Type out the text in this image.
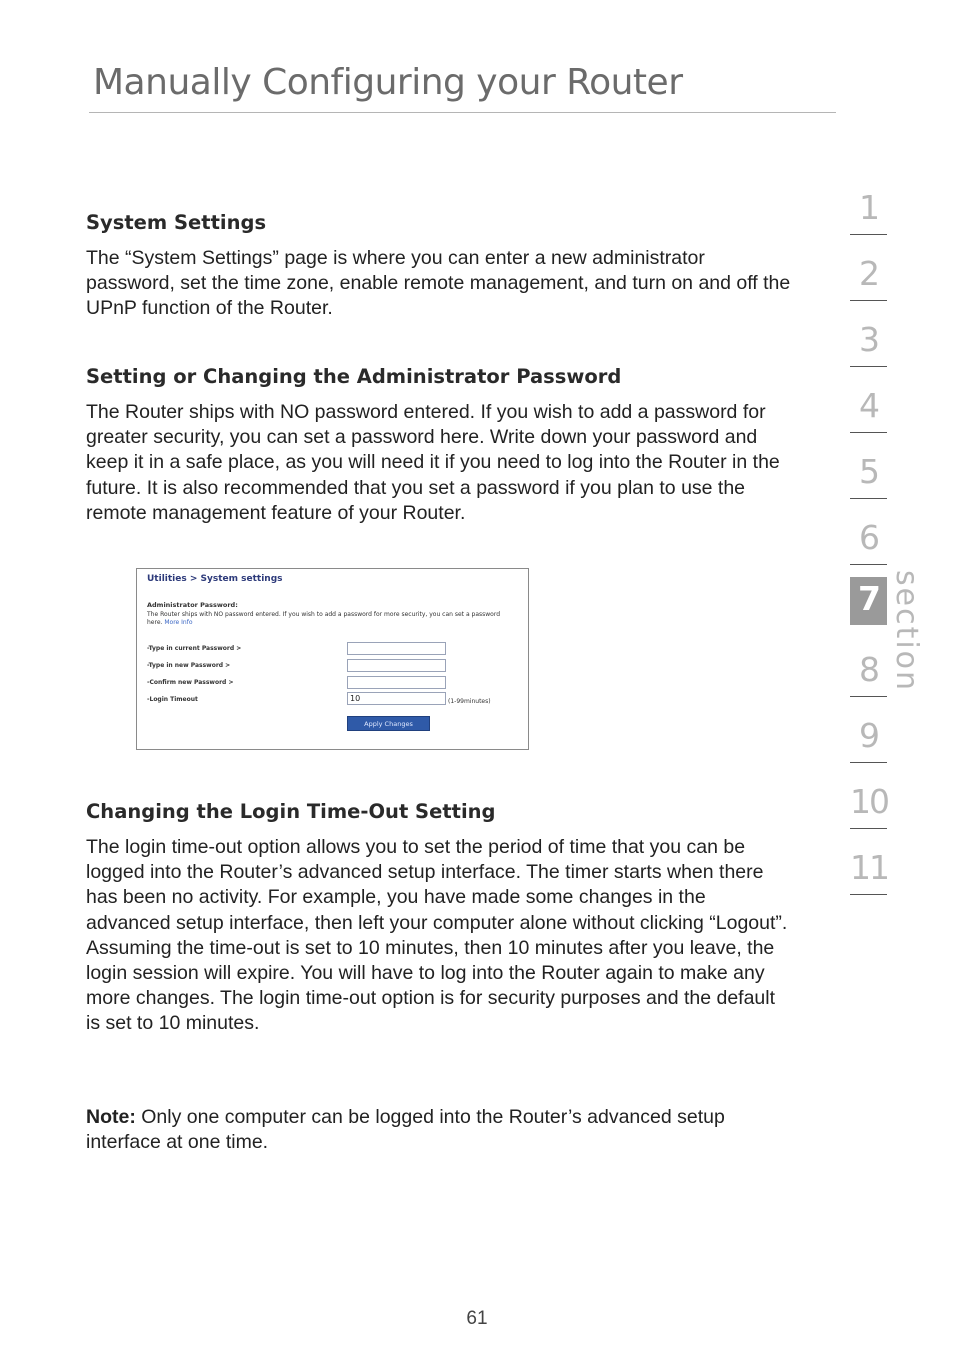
Manually Configuring your Router
System Settings

The “System Settings” page is where you can enter a new administrator password, set the time zone, enable remote management, and turn on and off the UPnP function of the Router.

Setting or Changing the Administrator Password

The Router ships with NO password entered. If you wish to add a password for greater security, you can set a password here. Write down your password and keep it in a safe place, as you will need it if you need to log into the Router in the future. It is also recommended that you set a password if you plan to use the remote management feature of your Router.

Changing the Login Time-Out Setting

The login time-out option allows you to set the period of time that you can be logged into the Router’s advanced setup interface. The timer starts when there has been no activity. For example, you have made some changes in the advanced setup interface, then left your computer alone without clicking “Logout”. Assuming the time-out is set to 10 minutes, then 10 minutes after you leave, the login session will expire. You will have to log into the Router again to make any more changes. The login time-out option is for security purposes and the default is set to 10 minutes.

Note: Only one computer can be logged into the Router’s advanced setup interface at one time.

Utilities > System settings
Administrator Password:
The Router ships with NO password entered. If you wish to add a password for more security, you can set a password here. More Info
-Type in current Password >
-Type in new Password >
-Confirm new Password >
-Login Timeout	10	(1-99minutes)
Apply Changes
1
2
3
4
5
6
7
8
9
10
11
section
61
